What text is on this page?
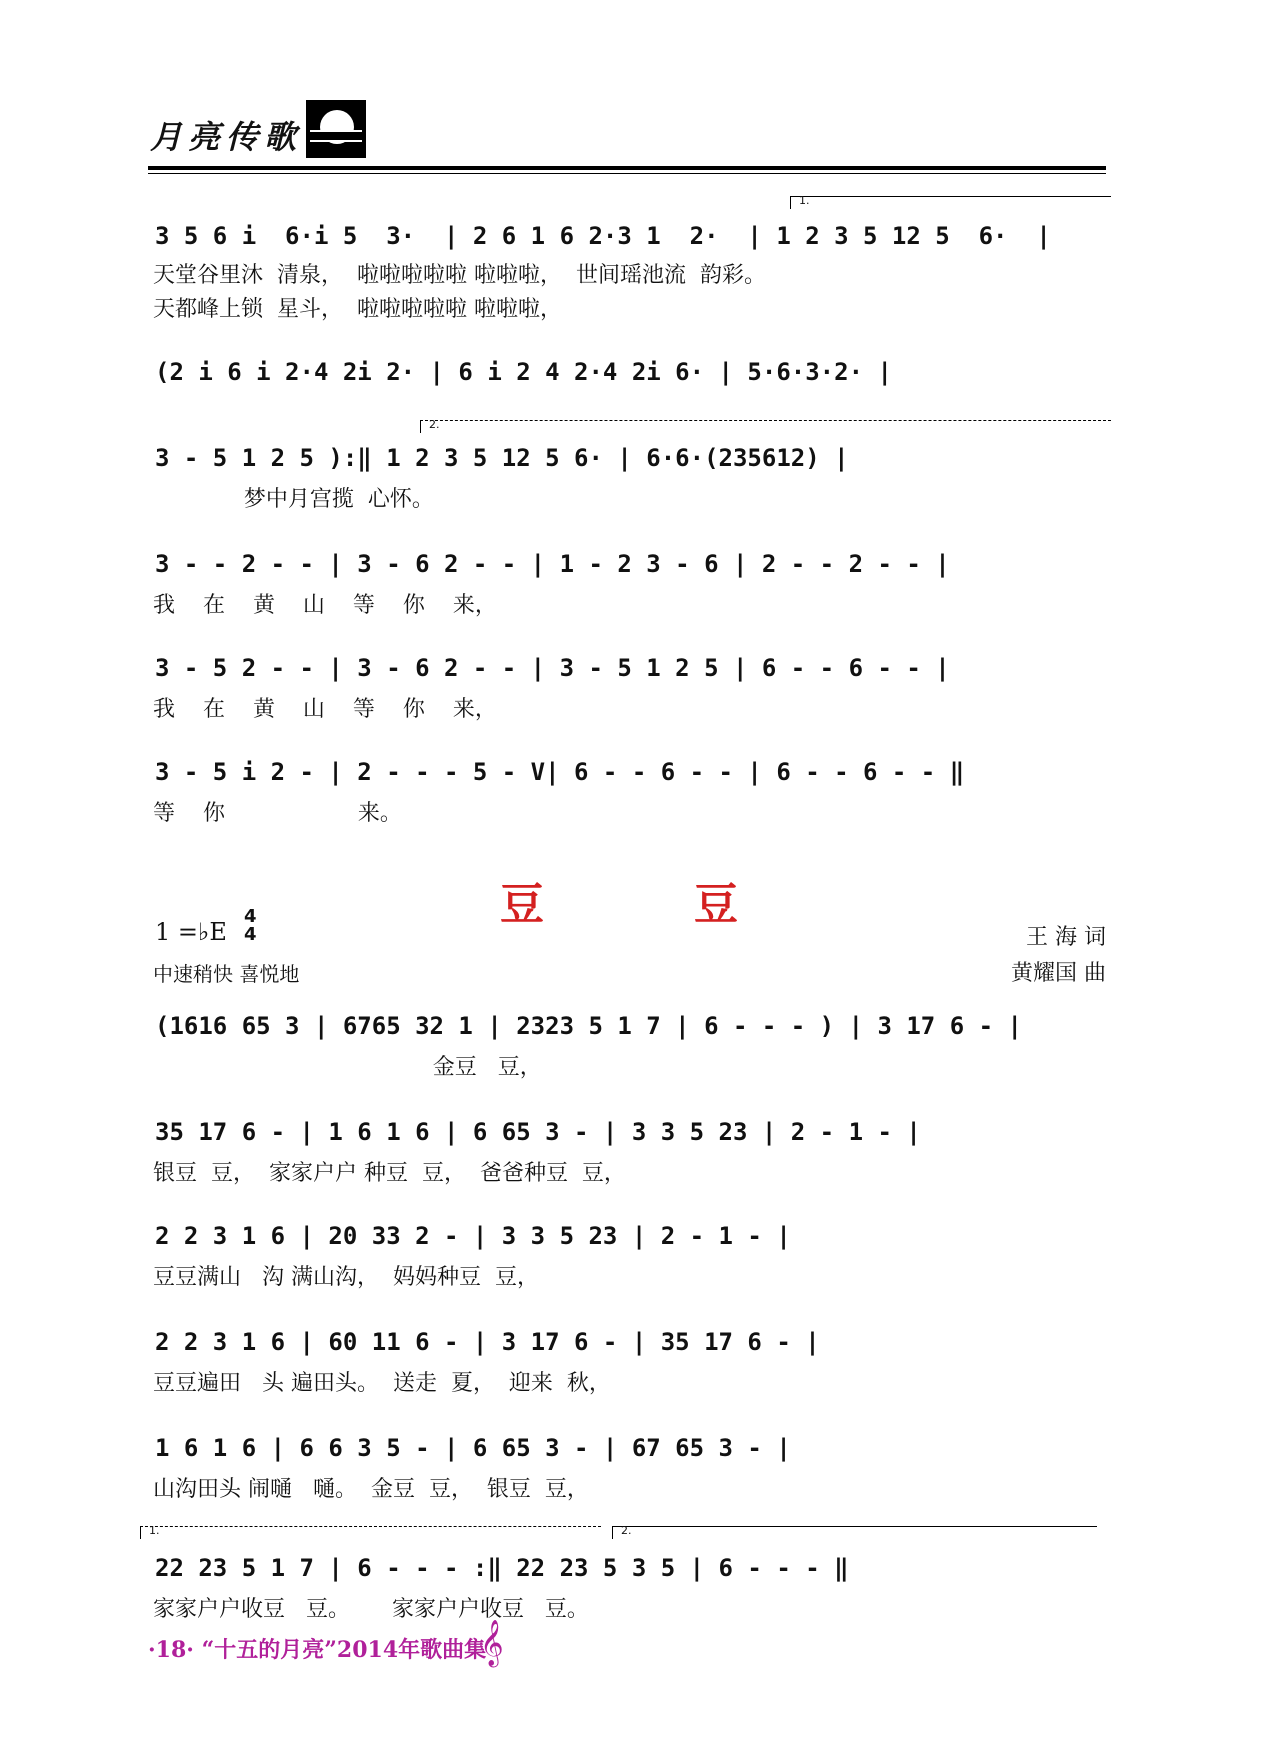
月亮传歌
1.
3 5 6 i  6·i 5  3·  | 2 6 1 6 2·3 1  2·  | 1 2 3 5 12 5  6·  |
天堂谷里沐  清泉，  啦啦啦啦啦 啦啦啦，  世间瑶池流  韵彩。
天都峰上锁  星斗，  啦啦啦啦啦 啦啦啦，
(2 i 6 i 2·4 2i 2· | 6 i 2 4 2·4 2i 6· | 5·6·3·2· |
2.
3 - 5 1 2 5 ):‖ 1 2 3 5 12 5 6· | 6·6·(235612) |
梦中月宫揽  心怀。
3 - - 2 - - | 3 - 6 2 - - | 1 - 2 3 - 6 | 2 - - 2 - - |
我    在    黄    山    等    你    来，
3 - 5 2 - - | 3 - 6 2 - - | 3 - 5 1 2 5 | 6 - - 6 - - |
我    在    黄    山    等    你    来，
3 - 5 i 2 - | 2 - - - 5 - V| 6 - - 6 - - | 6 - - 6 - - ‖
等    你                   来。
豆豆
1 =♭E
4
4
中速稍快 喜悦地
王 海 词
黄耀国 曲
(1616 65 3 | 6765 32 1 | 2323 5 1 7 | 6 - - - ) | 3 17 6 - |
金豆   豆，
35 17 6 - | 1 6 1 6 | 6 65 3 - | 3 3 5 23 | 2 - 1 - |
银豆  豆，  家家户户 种豆  豆，  爸爸种豆  豆，
2 2 3 1 6 | 20 33 2 - | 3 3 5 23 | 2 - 1 - |
豆豆满山   沟 满山沟，  妈妈种豆  豆，
2 2 3 1 6 | 60 11 6 - | 3 17 6 - | 35 17 6 - |
豆豆遍田   头 遍田头。  送走  夏，  迎来  秋，
1 6 1 6 | 6 6 3 5 - | 6 65 3 - | 67 65 3 - |
山沟田头 闹嗵   嗵。  金豆  豆，  银豆  豆，
1.	2.
22 23 5 1 7 | 6 - - - :‖ 22 23 5 3 5 | 6 - - - ‖
家家户户收豆   豆。      家家户户收豆   豆。
·18· “十五的月亮”2014年歌曲集
𝄞
